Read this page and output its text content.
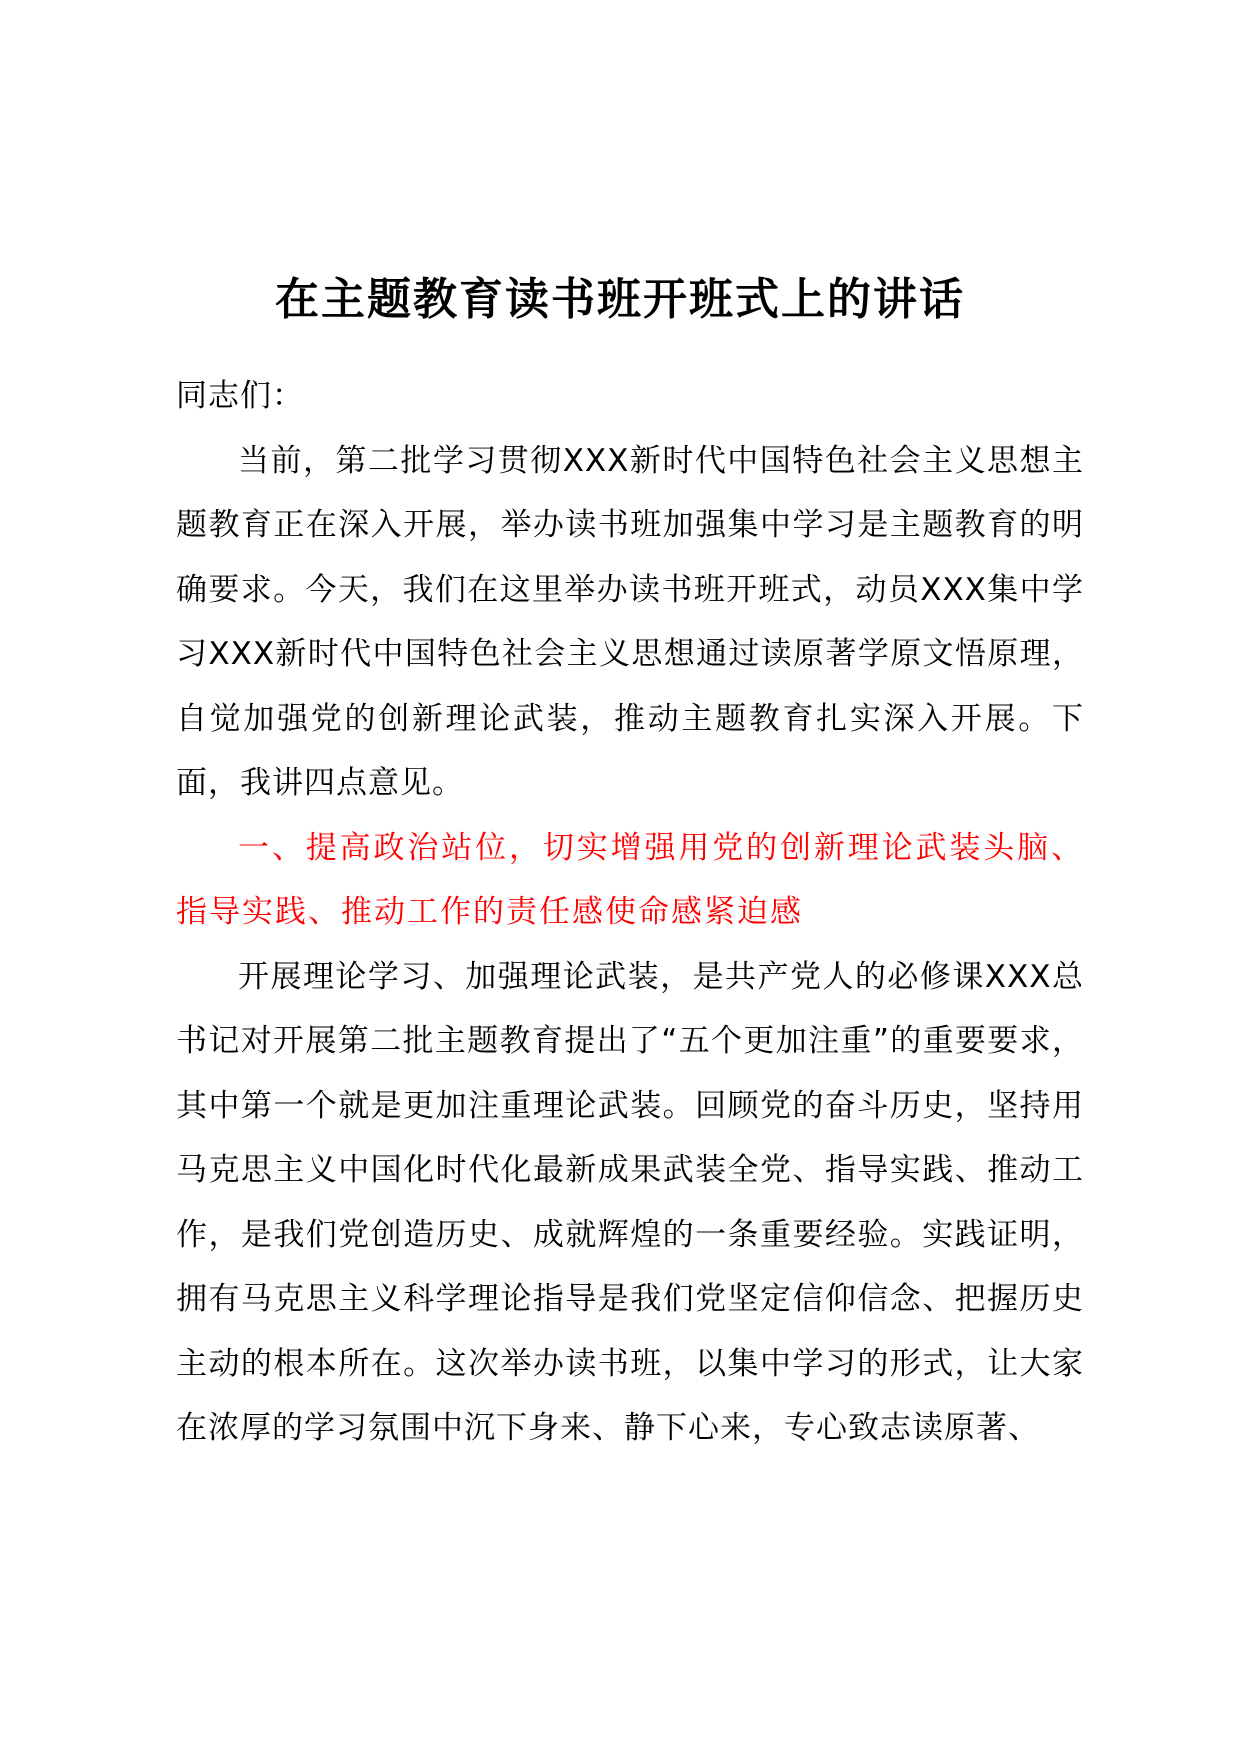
在主题教育读书班开班式上的讲话

同志们：

当前，第二批学习贯彻XXX新时代中国特色社会主义思想主题教育正在深入开展，举办读书班加强集中学习是主题教育的明确要求。今天，我们在这里举办读书班开班式，动员XXX集中学习XXX新时代中国特色社会主义思想通过读原著学原文悟原理，自觉加强党的创新理论武装，推动主题教育扎实深入开展。下面，我讲四点意见。

一、提高政治站位，切实增强用党的创新理论武装头脑、指导实践、推动工作的责任感使命感紧迫感

开展理论学习、加强理论武装，是共产党人的必修课XXX总书记对开展第二批主题教育提出了“五个更加注重”的重要要求，其中第一个就是更加注重理论武装。回顾党的奋斗历史，坚持用马克思主义中国化时代化最新成果武装全党、指导实践、推动工作，是我们党创造历史、成就辉煌的一条重要经验。实践证明，拥有马克思主义科学理论指导是我们党坚定信仰信念、把握历史主动的根本所在。这次举办读书班，以集中学习的形式，让大家在浓厚的学习氛围中沉下身来、静下心来，专心致志读原著、
